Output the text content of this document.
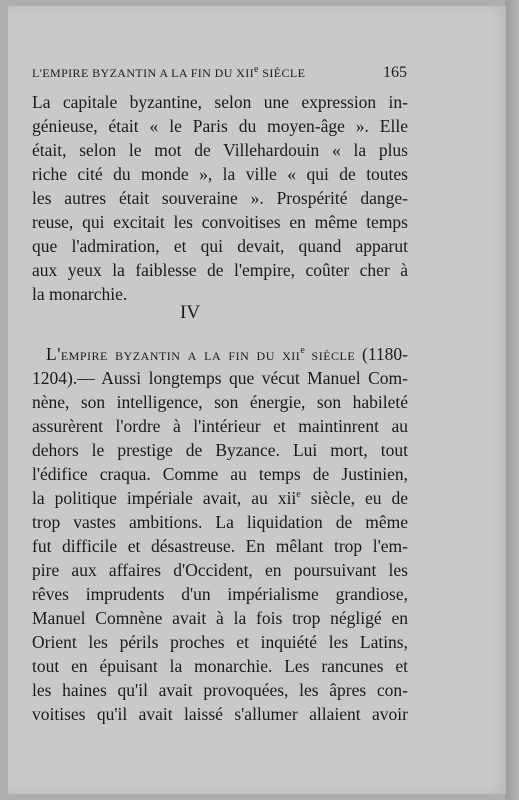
L'EMPIRE BYZANTIN A LA FIN DU XIIe SIÈCLE	165
La capitale byzantine, selon une expression in-
génieuse, était « le Paris du moyen-âge ». Elle
était, selon le mot de Villehardouin « la plus
riche cité du monde », la ville « qui de toutes
les autres était souveraine ». Prospérité dange-
reuse, qui excitait les convoitises en même temps
que l'admiration, et qui devait, quand apparut
aux yeux la faiblesse de l'empire, coûter cher à
la monarchie.
IV
L'empire byzantin a la fin du xii$^e$ siècle (1180-
1204).— Aussi longtemps que vécut Manuel Com-
nène, son intelligence, son énergie, son habileté
assurèrent l'ordre à l'intérieur et maintinrent au
dehors le prestige de Byzance. Lui mort, tout
l'édifice craqua. Comme au temps de Justinien,
la politique impériale avait, au xii$^e$ siècle, eu de
trop vastes ambitions. La liquidation de même
fut difficile et désastreuse. En mêlant trop l'em-
pire aux affaires d'Occident, en poursuivant les
rêves imprudents d'un impérialisme grandiose,
Manuel Comnène avait à la fois trop négligé en
Orient les périls proches et inquiété les Latins,
tout en épuisant la monarchie. Les rancunes et
les haines qu'il avait provoquées, les âpres con-
voitises qu'il avait laissé s'allumer allaient avoir
